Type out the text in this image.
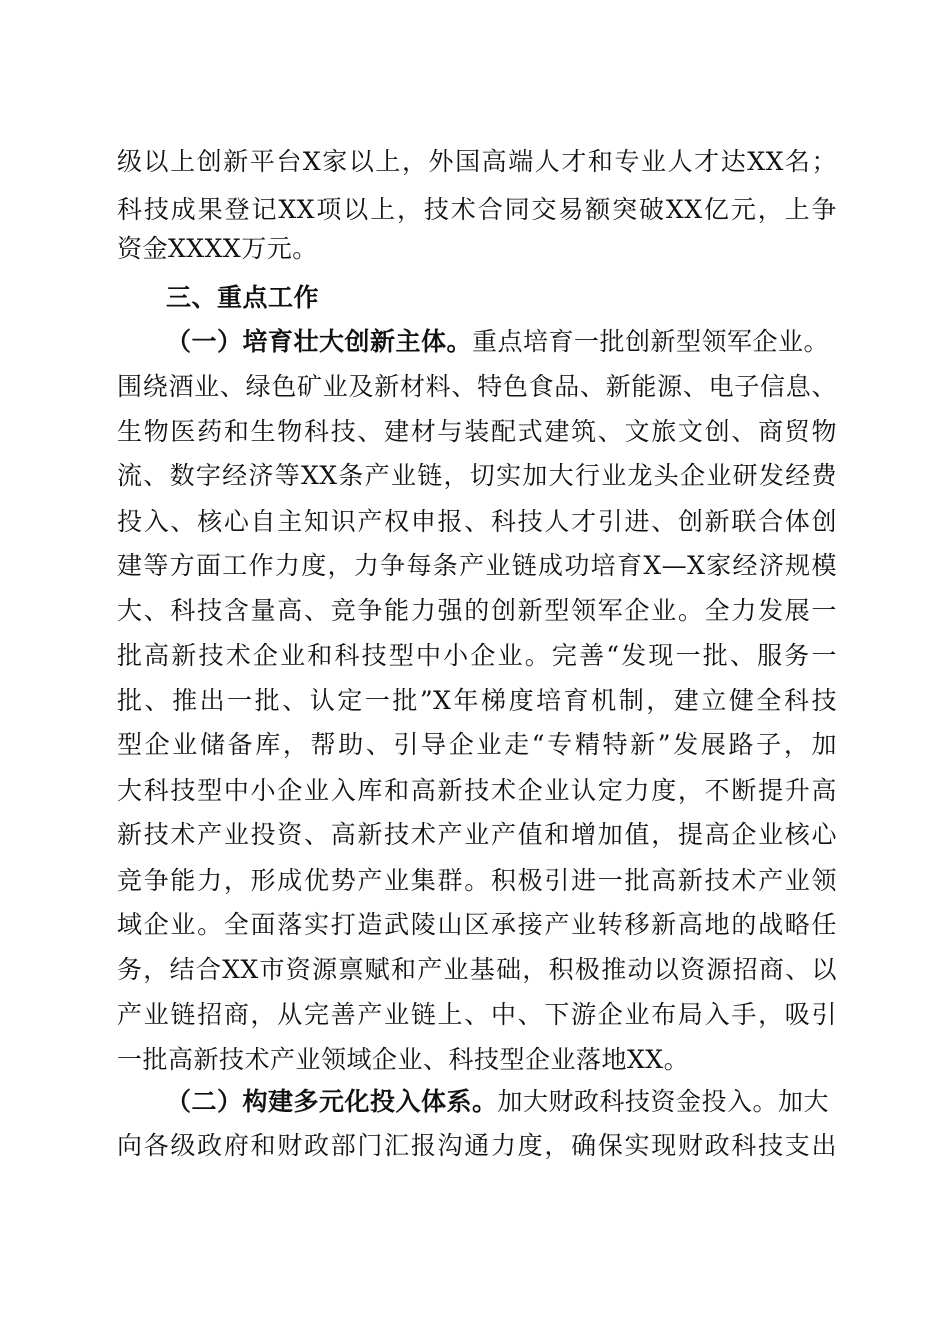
级以上创新平台X家以上，外国高端人才和专业人才达XX名；
科技成果登记XX项以上，技术合同交易额突破XX亿元，上争
资金XXXX万元。
三、重点工作
（一）培育壮大创新主体。重点培育一批创新型领军企业。
围绕酒业、绿色矿业及新材料、特色食品、新能源、电子信息、
生物医药和生物科技、建材与装配式建筑、文旅文创、商贸物
流、数字经济等XX条产业链，切实加大行业龙头企业研发经费
投入、核心自主知识产权申报、科技人才引进、创新联合体创
建等方面工作力度，力争每条产业链成功培育X—X家经济规模
大、科技含量高、竞争能力强的创新型领军企业。全力发展一
批高新技术企业和科技型中小企业。完善“发现一批、服务一
批、推出一批、认定一批”X年梯度培育机制，建立健全科技
型企业储备库，帮助、引导企业走“专精特新”发展路子，加
大科技型中小企业入库和高新技术企业认定力度，不断提升高
新技术产业投资、高新技术产业产值和增加值，提高企业核心
竞争能力，形成优势产业集群。积极引进一批高新技术产业领
域企业。全面落实打造武陵山区承接产业转移新高地的战略任
务，结合XX市资源禀赋和产业基础，积极推动以资源招商、以
产业链招商，从完善产业链上、中、下游企业布局入手，吸引
一批高新技术产业领域企业、科技型企业落地XX。
（二）构建多元化投入体系。加大财政科技资金投入。加大
向各级政府和财政部门汇报沟通力度，确保实现财政科技支出
